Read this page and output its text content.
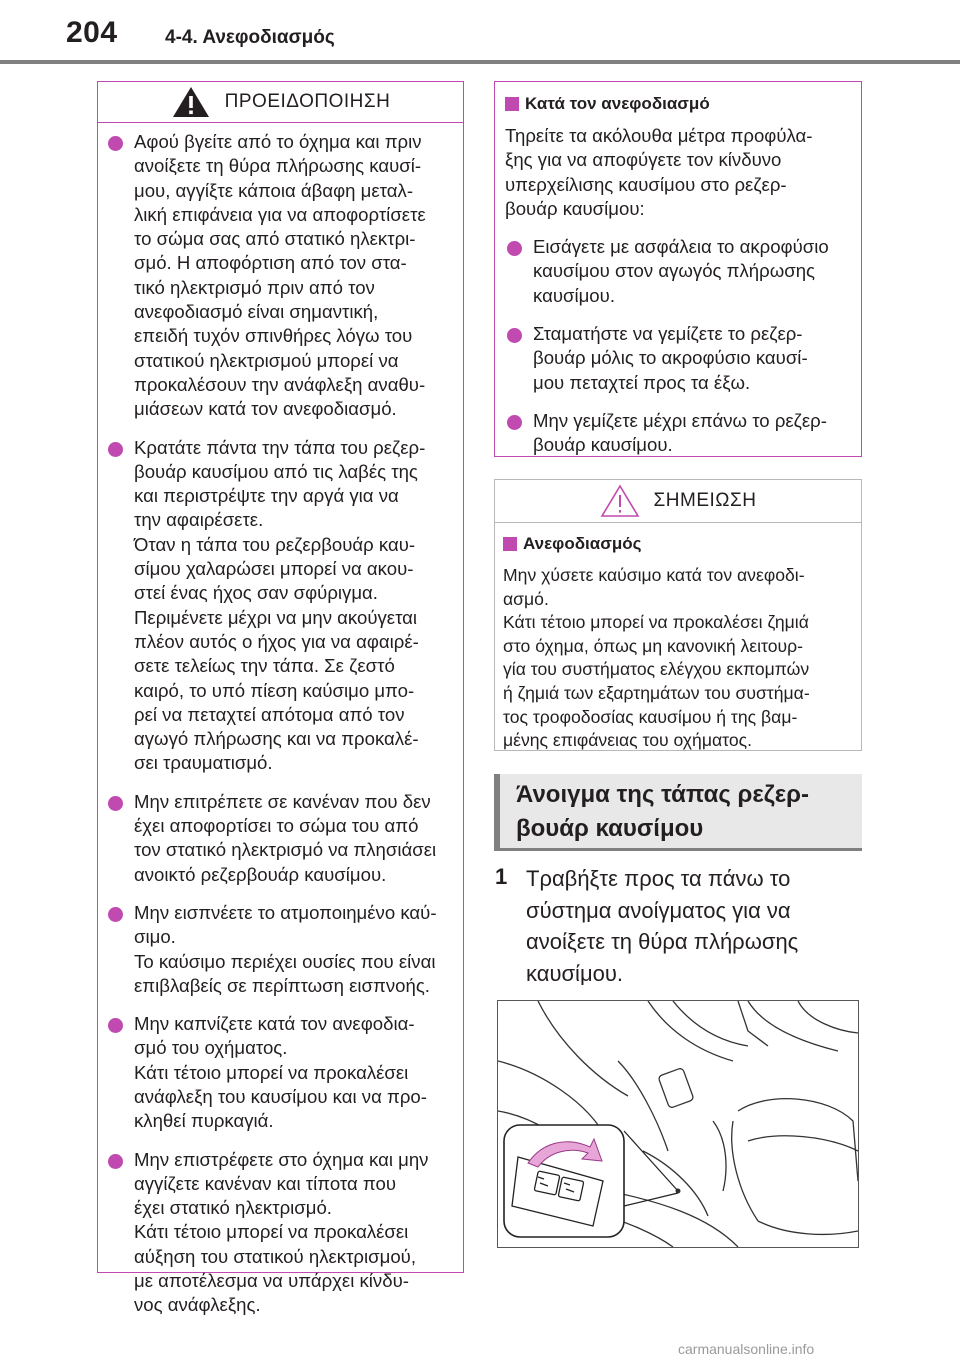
204 4-4. Ανεφοδιασμός
ΠΡΟΕΙΔΟΠΟΙΗΣΗ
Αφού βγείτε από το όχημα και πριν
ανοίξετε τη θύρα πλήρωσης καυσί-
μου, αγγίξτε κάποια άβαφη μεταλ-
λική επιφάνεια για να αποφορτίσετε
το σώμα σας από στατικό ηλεκτρι-
σμό. Η αποφόρτιση από τον στα-
τικό ηλεκτρισμό πριν από τον
ανεφοδιασμό είναι σημαντική,
επειδή τυχόν σπινθήρες λόγω του
στατικού ηλεκτρισμού μπορεί να
προκαλέσουν την ανάφλεξη αναθυ-
μιάσεων κατά τον ανεφοδιασμό.
Κρατάτε πάντα την τάπα του ρεζερ-
βουάρ καυσίμου από τις λαβές της
και περιστρέψτε την αργά για να
την αφαιρέσετε.
Όταν η τάπα του ρεζερβουάρ καυ-
σίμου χαλαρώσει μπορεί να ακου-
στεί ένας ήχος σαν σφύριγμα.
Περιμένετε μέχρι να μην ακούγεται
πλέον αυτός ο ήχος για να αφαιρέ-
σετε τελείως την τάπα. Σε ζεστό
καιρό, το υπό πίεση καύσιμο μπο-
ρεί να πεταχτεί απότομα από τον
αγωγό πλήρωσης και να προκαλέ-
σει τραυματισμό.
Μην επιτρέπετε σε κανέναν που δεν
έχει αποφορτίσει το σώμα του από
τον στατικό ηλεκτρισμό να πλησιάσει
ανοικτό ρεζερβουάρ καυσίμου.
Μην εισπνέετε το ατμοποιημένο καύ-
σιμο.
Το καύσιμο περιέχει ουσίες που είναι
επιβλαβείς σε περίπτωση εισπνοής.
Μην καπνίζετε κατά τον ανεφοδια-
σμό του οχήματος.
Κάτι τέτοιο μπορεί να προκαλέσει
ανάφλεξη του καυσίμου και να προ-
κληθεί πυρκαγιά.
Μην επιστρέφετε στο όχημα και μην
αγγίζετε κανέναν και τίποτα που
έχει στατικό ηλεκτρισμό.
Κάτι τέτοιο μπορεί να προκαλέσει
αύξηση του στατικού ηλεκτρισμού,
με αποτέλεσμα να υπάρχει κίνδυ-
νος ανάφλεξης.
Κατά τον ανεφοδιασμό
Τηρείτε τα ακόλουθα μέτρα προφύλα-
ξης για να αποφύγετε τον κίνδυνο
υπερχείλισης καυσίμου στο ρεζερ-
βουάρ καυσίμου:
Εισάγετε με ασφάλεια το ακροφύσιο
καυσίμου στον αγωγός πλήρωσης
καυσίμου.
Σταματήστε να γεμίζετε το ρεζερ-
βουάρ μόλις το ακροφύσιο καυσί-
μου πεταχτεί προς τα έξω.
Μην γεμίζετε μέχρι επάνω το ρεζερ-
βουάρ καυσίμου.
ΣΗΜΕΙΩΣΗ
Ανεφοδιασμός
Μην χύσετε καύσιμο κατά τον ανεφοδι-
ασμό.
Κάτι τέτοιο μπορεί να προκαλέσει ζημιά
στο όχημα, όπως μη κανονική λειτουρ-
γία του συστήματος ελέγχου εκπομπών
ή ζημιά των εξαρτημάτων του συστήμα-
τος τροφοδοσίας καυσίμου ή της βαμ-
μένης επιφάνειας του οχήματος.
Άνοιγμα της τάπας ρεζερ-
βουάρ καυσίμου
1 Τραβήξτε προς τα πάνω το
σύστημα ανοίγματος για να
ανοίξετε τη θύρα πλήρωσης
καυσίμου.
carmanualsonline.info
